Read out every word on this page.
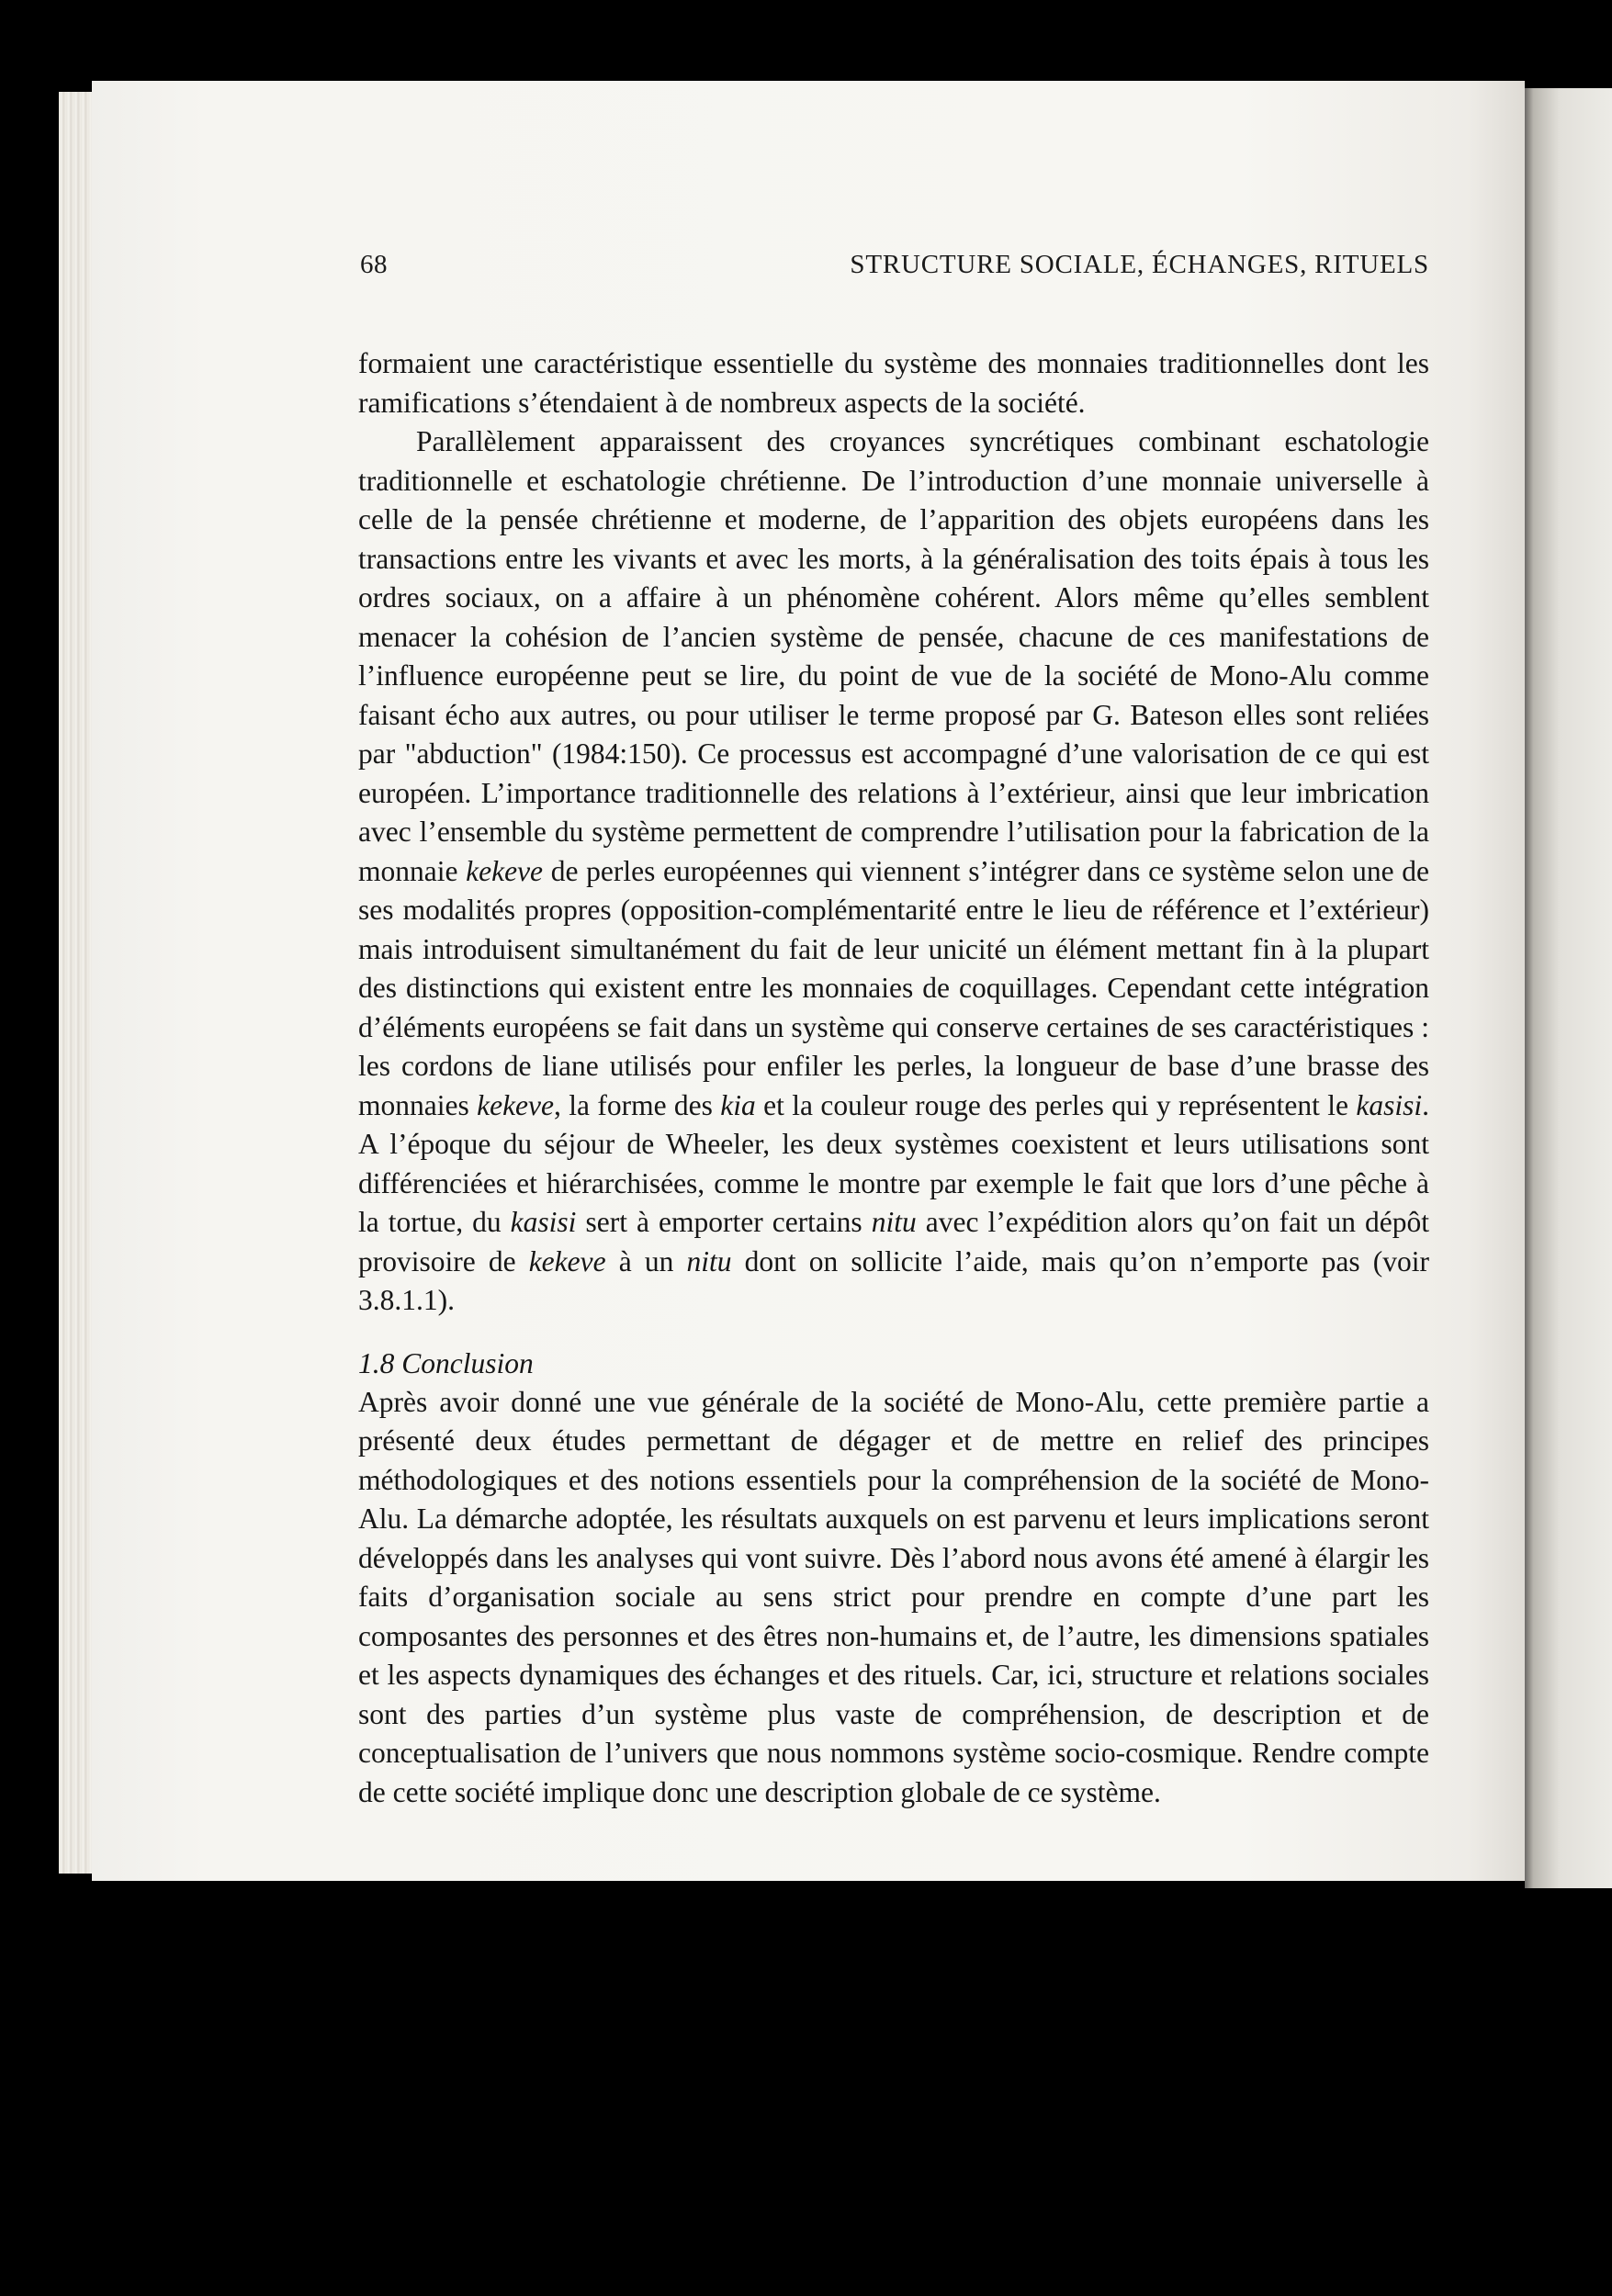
68	STRUCTURE SOCIALE, ÉCHANGES, RITUELS

formaient une caractéristique essentielle du système des monnaies traditionnelles dont les ramifications s’étendaient à de nombreux aspects de la société.

Parallèlement apparaissent des croyances syncrétiques combinant eschatologie traditionnelle et eschatologie chrétienne. De l’introduction d’une monnaie universelle à celle de la pensée chrétienne et moderne, de l’apparition des objets européens dans les transactions entre les vivants et avec les morts, à la généralisation des toits épais à tous les ordres sociaux, on a affaire à un phénomène cohérent. Alors même qu’elles semblent menacer la cohésion de l’ancien système de pensée, chacune de ces manifestations de l’influence européenne peut se lire, du point de vue de la société de Mono-Alu comme faisant écho aux autres, ou pour utiliser le terme proposé par G. Bateson elles sont reliées par "abduction" (1984:150). Ce processus est accompagné d’une valorisation de ce qui est européen. L’importance traditionnelle des relations à l’extérieur, ainsi que leur imbrication avec l’ensemble du système permettent de comprendre l’utilisation pour la fabrication de la monnaie kekeve de perles européennes qui viennent s’intégrer dans ce système selon une de ses modalités propres (opposition-complémentarité entre le lieu de référence et l’extérieur) mais introduisent simultanément du fait de leur unicité un élément mettant fin à la plupart des distinctions qui existent entre les monnaies de coquillages. Cependant cette intégration d’éléments européens se fait dans un système qui conserve certaines de ses caractéristiques : les cordons de liane utilisés pour enfiler les perles, la longueur de base d’une brasse des monnaies kekeve, la forme des kia et la couleur rouge des perles qui y représentent le kasisi. A l’époque du séjour de Wheeler, les deux systèmes coexistent et leurs utilisations sont différenciées et hiérarchisées, comme le montre par exemple le fait que lors d’une pêche à la tortue, du kasisi sert à emporter certains nitu avec l’expédition alors qu’on fait un dépôt provisoire de kekeve à un nitu dont on sollicite l’aide, mais qu’on n’emporte pas (voir 3.8.1.1).

1.8 Conclusion

Après avoir donné une vue générale de la société de Mono-Alu, cette première partie a présenté deux études permettant de dégager et de mettre en relief des principes méthodologiques et des notions essentiels pour la compréhension de la société de Mono-Alu. La démarche adoptée, les résultats auxquels on est parvenu et leurs implications seront développés dans les analyses qui vont suivre. Dès l’abord nous avons été amené à élargir les faits d’organisation sociale au sens strict pour prendre en compte d’une part les composantes des personnes et des êtres non-humains et, de l’autre, les dimensions spatiales et les aspects dynamiques des échanges et des rituels. Car, ici, structure et relations sociales sont des parties d’un système plus vaste de compréhension, de description et de conceptualisation de l’univers que nous nommons système socio-cosmique. Rendre compte de cette société implique donc une description globale de ce système.
